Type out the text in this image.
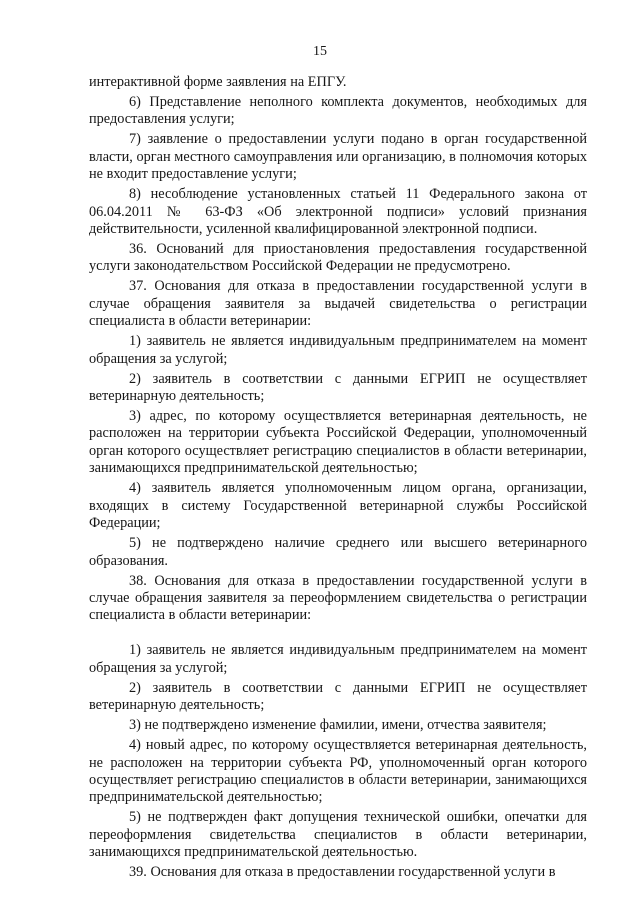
15

интерактивной форме заявления на ЕПГУ.

6) Представление неполного комплекта документов, необходимых для предоставления услуги;

7) заявление о предоставлении услуги подано в орган государственной власти, орган местного самоуправления или организацию, в полномочия которых не входит предоставление услуги;

8) несоблюдение установленных статьей 11 Федерального закона от 06.04.2011 № 63-ФЗ «Об электронной подписи» условий признания действительности, усиленной квалифицированной электронной подписи.

36. Оснований для приостановления предоставления государственной услуги законодательством Российской Федерации не предусмотрено.

37. Основания для отказа в предоставлении государственной услуги в случае обращения заявителя за выдачей свидетельства о регистрации специалиста в области ветеринарии:

1) заявитель не является индивидуальным предпринимателем на момент обращения за услугой;

2) заявитель в соответствии с данными ЕГРИП не осуществляет ветеринарную деятельность;

3) адрес, по которому осуществляется ветеринарная деятельность, не расположен на территории субъекта Российской Федерации, уполномоченный орган которого осуществляет регистрацию специалистов в области ветеринарии, занимающихся предпринимательской деятельностью;

4) заявитель является уполномоченным лицом органа, организации, входящих в систему Государственной ветеринарной службы Российской Федерации;

5) не подтверждено наличие среднего или высшего ветеринарного образования.

38. Основания для отказа в предоставлении государственной услуги в случае обращения заявителя за переоформлением свидетельства о регистрации специалиста в области ветеринарии:

1) заявитель не является индивидуальным предпринимателем на момент обращения за услугой;

2) заявитель в соответствии с данными ЕГРИП не осуществляет ветеринарную деятельность;

3) не подтверждено изменение фамилии, имени, отчества заявителя;

4) новый адрес, по которому осуществляется ветеринарная деятельность, не расположен на территории субъекта РФ, уполномоченный орган которого осуществляет регистрацию специалистов в области ветеринарии, занимающихся предпринимательской деятельностью;

5) не подтвержден факт допущения технической ошибки, опечатки для переоформления свидетельства специалистов в области ветеринарии, занимающихся предпринимательской деятельностью.

39. Основания для отказа в предоставлении государственной услуги в
